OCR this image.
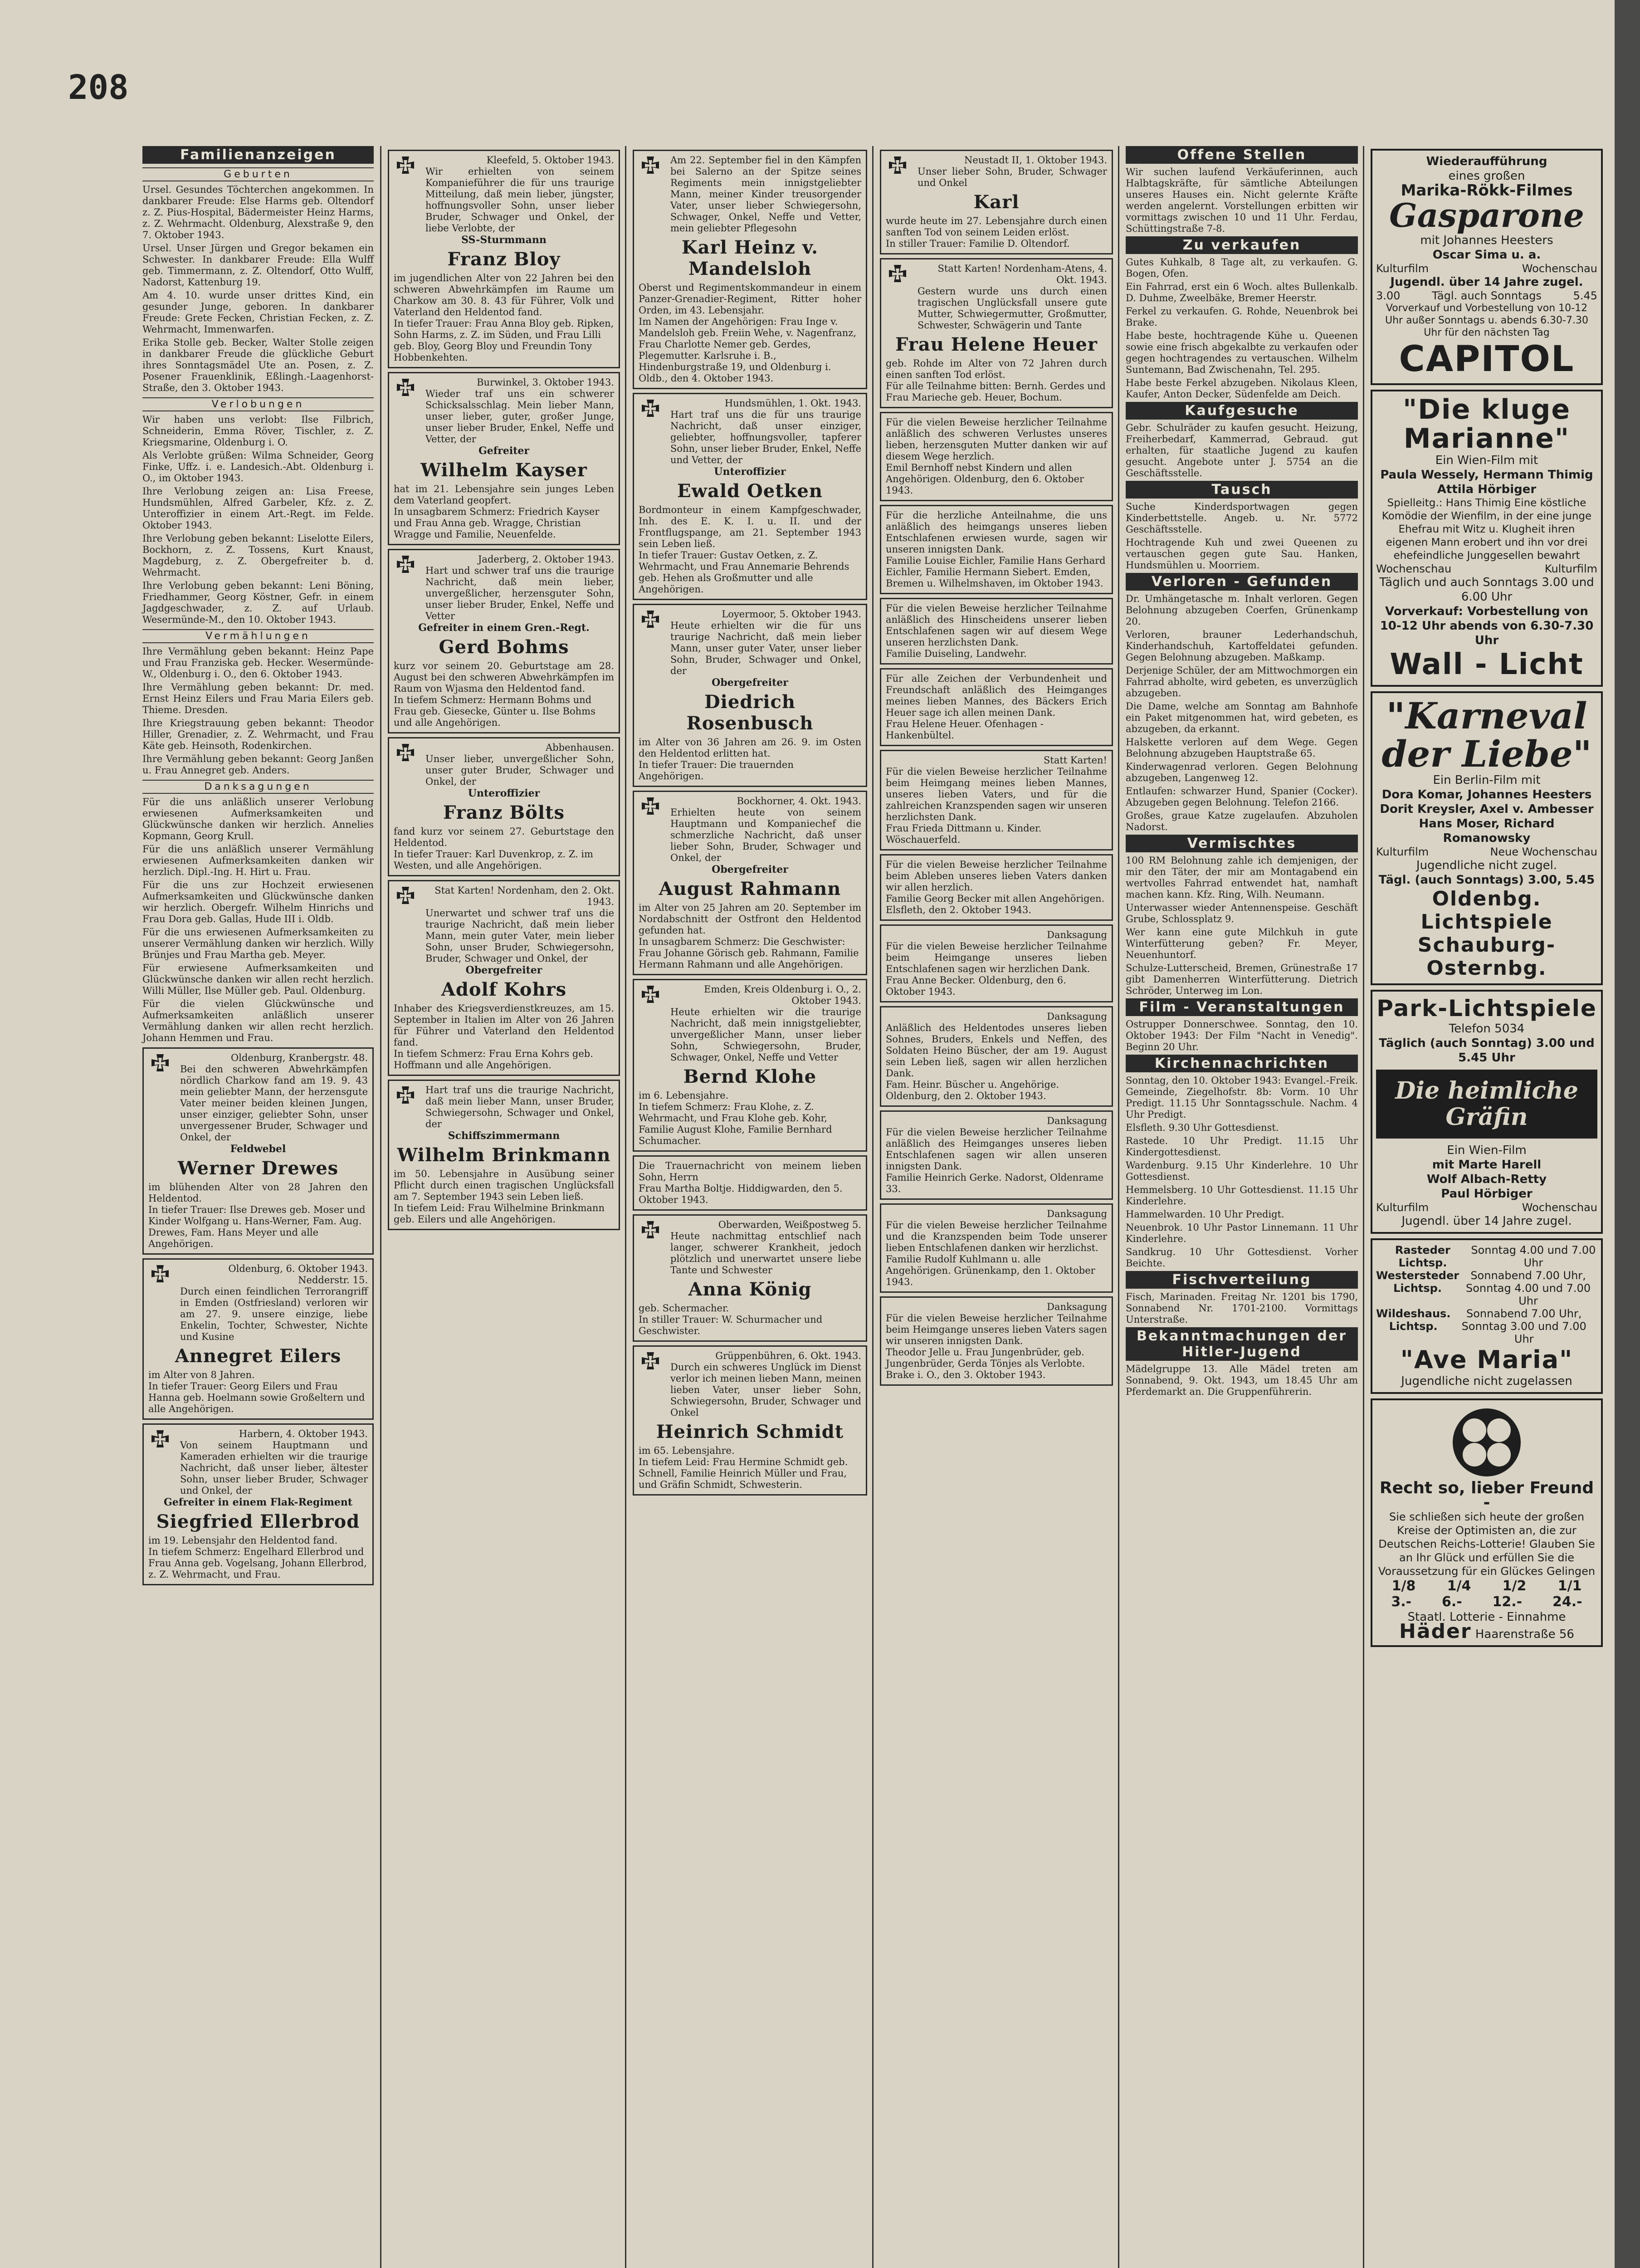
208
Familienanzeigen
Geburten

Ursel. Gesundes Töchterchen angekommen. In dankbarer Freude: Else Harms geb. Oltendorf z. Z. Pius-Hospital, Bädermeister Heinz Harms, z. Z. Wehrmacht. Oldenburg, Alexstraße 9, den 7. Oktober 1943.

Ursel. Unser Jürgen und Gregor bekamen ein Schwester. In dankbarer Freude: Ella Wulff geb. Timmermann, z. Z. Oltendorf, Otto Wulff, Nadorst, Kattenburg 19.

Am 4. 10. wurde unser drittes Kind, ein gesunder Junge, geboren. In dankbarer Freude: Grete Fecken, Christian Fecken, z. Z. Wehrmacht, Immenwarfen.

Erika Stolle geb. Becker, Walter Stolle zeigen in dankbarer Freude die glückliche Geburt ihres Sonntagsmädel Ute an. Posen, z. Z. Posener Frauenklinik, Eßlingh.-Laagenhorst-Straße, den 3. Oktober 1943.

Verlobungen

Wir haben uns verlobt: Ilse Filbrich, Schneiderin, Emma Röver, Tischler, z. Z. Kriegsmarine, Oldenburg i. O.

Als Verlobte grüßen: Wilma Schneider, Georg Finke, Uffz. i. e. Landesich.-Abt. Oldenburg i. O., im Oktober 1943.

Ihre Verlobung zeigen an: Lisa Freese, Hundsmühlen, Alfred Garbeler, Kfz. z. Z. Unteroffizier in einem Art.-Regt. im Felde. Oktober 1943.

Ihre Verlobung geben bekannt: Liselotte Eilers, Bockhorn, z. Z. Tossens, Kurt Knaust, Magdeburg, z. Z. Obergefreiter b. d. Wehrmacht.

Ihre Verlobung geben bekannt: Leni Böning, Friedhammer, Georg Köstner, Gefr. in einem Jagdgeschwader, z. Z. auf Urlaub. Wesermünde-M., den 10. Oktober 1943.

Vermählungen

Ihre Vermählung geben bekannt: Heinz Pape und Frau Franziska geb. Hecker. Wesermünde-W., Oldenburg i. O., den 6. Oktober 1943.

Ihre Vermählung geben bekannt: Dr. med. Ernst Heinz Eilers und Frau Maria Eilers geb. Thieme. Dresden.

Ihre Kriegstrauung geben bekannt: Theodor Hiller, Grenadier, z. Z. Wehrmacht, und Frau Käte geb. Heinsoth, Rodenkirchen.

Ihre Vermählung geben bekannt: Georg Janßen u. Frau Annegret geb. Anders.

Danksagungen

Für die uns anläßlich unserer Verlobung erwiesenen Aufmerksamkeiten und Glückwünsche danken wir herzlich. Annelies Kopmann, Georg Krull.

Für die uns anläßlich unserer Vermählung erwiesenen Aufmerksamkeiten danken wir herzlich. Dipl.-Ing. H. Hirt u. Frau.

Für die uns zur Hochzeit erwiesenen Aufmerksamkeiten und Glückwünsche danken wir herzlich. Obergefr. Wilhelm Hinrichs und Frau Dora geb. Gallas, Hude III i. Oldb.

Für die uns erwiesenen Aufmerksamkeiten zu unserer Vermählung danken wir herzlich. Willy Brünjes und Frau Martha geb. Meyer.

Für erwiesene Aufmerksamkeiten und Glückwünsche danken wir allen recht herzlich. Willi Müller, Ilse Müller geb. Paul. Oldenburg.

Für die vielen Glückwünsche und Aufmerksamkeiten anläßlich unserer Vermählung danken wir allen recht herzlich. Johann Hemmen und Frau.

Oldenburg, Kranbergstr. 48.
Bei den schweren Abwehrkämpfen nördlich Charkow fand am 19. 9. 43 mein geliebter Mann, der herzensgute Vater meiner beiden kleinen Jungen, unser einziger, geliebter Sohn, unser unvergessener Bruder, Schwager und Onkel, der
Feldwebel
Werner Drewes
im blühenden Alter von 28 Jahren den Heldentod.
In tiefer Trauer: Ilse Drewes geb. Moser und Kinder Wolfgang u. Hans-Werner, Fam. Aug. Drewes, Fam. Hans Meyer und alle Angehörigen.
Oldenburg, 6. Oktober 1943. Nedderstr. 15.
Durch einen feindlichen Terrorangriff in Emden (Ostfriesland) verloren wir am 27. 9. unsere einzige, liebe Enkelin, Tochter, Schwester, Nichte und Kusine
Annegret Eilers
im Alter von 8 Jahren.
In tiefer Trauer: Georg Eilers und Frau Hanna geb. Hoelmann sowie Großeltern und alle Angehörigen.
Harbern, 4. Oktober 1943.
Von seinem Hauptmann und Kameraden erhielten wir die traurige Nachricht, daß unser lieber, ältester Sohn, unser lieber Bruder, Schwager und Onkel, der
Gefreiter in einem Flak-Regiment
Siegfried Ellerbrod
im 19. Lebensjahr den Heldentod fand.
In tiefem Schmerz: Engelhard Ellerbrod und Frau Anna geb. Vogelsang, Johann Ellerbrod, z. Z. Wehrmacht, und Frau.
Kleefeld, 5. Oktober 1943.
Wir erhielten von seinem Kompanieführer die für uns traurige Mitteilung, daß mein lieber, jüngster, hoffnungsvoller Sohn, unser lieber Bruder, Schwager und Onkel, der liebe Verlobte, der
SS-Sturmmann
Franz Bloy
im jugendlichen Alter von 22 Jahren bei den schweren Abwehrkämpfen im Raume um Charkow am 30. 8. 43 für Führer, Volk und Vaterland den Heldentod fand.
In tiefer Trauer: Frau Anna Bloy geb. Ripken, Sohn Harms, z. Z. im Süden, und Frau Lilli geb. Bloy, Georg Bloy und Freundin Tony Hobbenkehten.
Burwinkel, 3. Oktober 1943.
Wieder traf uns ein schwerer Schicksalsschlag. Mein lieber Mann, unser lieber, guter, großer Junge, unser lieber Bruder, Enkel, Neffe und Vetter, der
Gefreiter
Wilhelm Kayser
hat im 21. Lebensjahre sein junges Leben dem Vaterland geopfert.
In unsagbarem Schmerz: Friedrich Kayser und Frau Anna geb. Wragge, Christian Wragge und Familie, Neuenfelde.
Jaderberg, 2. Oktober 1943.
Hart und schwer traf uns die traurige Nachricht, daß mein lieber, unvergeßlicher, herzensguter Sohn, unser lieber Bruder, Enkel, Neffe und Vetter
Gefreiter in einem Gren.-Regt.
Gerd Bohms
kurz vor seinem 20. Geburtstage am 28. August bei den schweren Abwehrkämpfen im Raum von Wjasma den Heldentod fand.
In tiefem Schmerz: Hermann Bohms und Frau geb. Giesecke, Günter u. Ilse Bohms und alle Angehörigen.
Abbenhausen.
Unser lieber, unvergeßlicher Sohn, unser guter Bruder, Schwager und Onkel, der
Unteroffizier
Franz Bölts
fand kurz vor seinem 27. Geburtstage den Heldentod.
In tiefer Trauer: Karl Duvenkrop, z. Z. im Westen, und alle Angehörigen.
Stat Karten! Nordenham, den 2. Okt. 1943.
Unerwartet und schwer traf uns die traurige Nachricht, daß mein lieber Mann, mein guter Vater, mein lieber Sohn, unser Bruder, Schwiegersohn, Bruder, Schwager und Onkel, der
Obergefreiter
Adolf Kohrs
Inhaber des Kriegsverdienstkreuzes, am 15. September in Italien im Alter von 26 Jahren für Führer und Vaterland den Heldentod fand.
In tiefem Schmerz: Frau Erna Kohrs geb. Hoffmann und alle Angehörigen.
Hart traf uns die traurige Nachricht, daß mein lieber Mann, unser Bruder, Schwiegersohn, Schwager und Onkel, der
Schiffszimmermann
Wilhelm Brinkmann
im 50. Lebensjahre in Ausübung seiner Pflicht durch einen tragischen Unglücksfall am 7. September 1943 sein Leben ließ.
In tiefem Leid: Frau Wilhelmine Brinkmann geb. Eilers und alle Angehörigen.
Am 22. September fiel in den Kämpfen bei Salerno an der Spitze seines Regiments mein innigstgeliebter Mann, meiner Kinder treusorgender Vater, unser lieber Schwiegersohn, Schwager, Onkel, Neffe und Vetter, mein geliebter Pflegesohn
Karl Heinz v. Mandelsloh
Oberst und Regimentskommandeur in einem Panzer-Grenadier-Regiment, Ritter hoher Orden, im 43. Lebensjahr.
Im Namen der Angehörigen: Frau Inge v. Mandelsloh geb. Freiin Wehe, v. Nagenfranz, Frau Charlotte Nemer geb. Gerdes, Plegemutter. Karlsruhe i. B., Hindenburgstraße 19, und Oldenburg i. Oldb., den 4. Oktober 1943.
Hundsmühlen, 1. Okt. 1943.
Hart traf uns die für uns traurige Nachricht, daß unser einziger, geliebter, hoffnungsvoller, tapferer Sohn, unser lieber Bruder, Enkel, Neffe und Vetter, der
Unteroffizier
Ewald Oetken
Bordmonteur in einem Kampfgeschwader, Inh. des E. K. I. u. II. und der Frontflugspange, am 21. September 1943 sein Leben ließ.
In tiefer Trauer: Gustav Oetken, z. Z. Wehrmacht, und Frau Annemarie Behrends geb. Hehen als Großmutter und alle Angehörigen.
Loyermoor, 5. Oktober 1943.
Heute erhielten wir die für uns traurige Nachricht, daß mein lieber Mann, unser guter Vater, unser lieber Sohn, Bruder, Schwager und Onkel, der
Obergefreiter
Diedrich Rosenbusch
im Alter von 36 Jahren am 26. 9. im Osten den Heldentod erlitten hat.
In tiefer Trauer: Die trauernden Angehörigen.
Bockhorner, 4. Okt. 1943.
Erhielten heute von seinem Hauptmann und Kompaniechef die schmerzliche Nachricht, daß unser lieber Sohn, Bruder, Schwager und Onkel, der
Obergefreiter
August Rahmann
im Alter von 25 Jahren am 20. September im Nordabschnitt der Ostfront den Heldentod gefunden hat.
In unsagbarem Schmerz: Die Geschwister: Frau Johanne Görisch geb. Rahmann, Familie Hermann Rahmann und alle Angehörigen.
Emden, Kreis Oldenburg i. O., 2. Oktober 1943.
Heute erhielten wir die traurige Nachricht, daß mein innigstgeliebter, unvergeßlicher Mann, unser lieber Sohn, Schwiegersohn, Bruder, Schwager, Onkel, Neffe und Vetter
Bernd Klohe
im 6. Lebensjahre.
In tiefem Schmerz: Frau Klohe, z. Z. Wehrmacht, und Frau Klohe geb. Kohr, Familie August Klohe, Familie Bernhard Schumacher.
Die Trauernachricht von meinem lieben Sohn, Herrn
Frau Martha Boltje. Hiddigwarden, den 5. Oktober 1943.
Oberwarden, Weißpostweg 5.
Heute nachmittag entschlief nach langer, schwerer Krankheit, jedoch plötzlich und unerwartet unsere liebe Tante und Schwester
Anna König
geb. Schermacher.
In stiller Trauer: W. Schurmacher und Geschwister.
Grüppenbühren, 6. Okt. 1943.
Durch ein schweres Unglück im Dienst verlor ich meinen lieben Mann, meinen lieben Vater, unser lieber Sohn, Schwiegersohn, Bruder, Schwager und Onkel
Heinrich Schmidt
im 65. Lebensjahre.
In tiefem Leid: Frau Hermine Schmidt geb. Schnell, Familie Heinrich Müller und Frau, und Gräfin Schmidt, Schwesterin.
Neustadt II, 1. Oktober 1943.
Unser lieber Sohn, Bruder, Schwager und Onkel
Karl
wurde heute im 27. Lebensjahre durch einen sanften Tod von seinem Leiden erlöst.
In stiller Trauer: Familie D. Oltendorf.
Statt Karten! Nordenham-Atens, 4. Okt. 1943.
Gestern wurde uns durch einen tragischen Unglücksfall unsere gute Mutter, Schwiegermutter, Großmutter, Schwester, Schwägerin und Tante
Frau Helene Heuer
geb. Rohde im Alter von 72 Jahren durch einen sanften Tod erlöst.
Für alle Teilnahme bitten: Bernh. Gerdes und Frau Marieche geb. Heuer, Bochum.
Für die vielen Beweise herzlicher Teilnahme anläßlich des schweren Verlustes unseres lieben, herzensguten Mutter danken wir auf diesem Wege herzlich.
Emil Bernhoff nebst Kindern und allen Angehörigen. Oldenburg, den 6. Oktober 1943.
Für die herzliche Anteilnahme, die uns anläßlich des heimgangs unseres lieben Entschlafenen erwiesen wurde, sagen wir unseren innigsten Dank.
Familie Louise Eichler, Familie Hans Gerhard Eichler, Familie Hermann Siebert. Emden, Bremen u. Wilhelmshaven, im Oktober 1943.
Für die vielen Beweise herzlicher Teilnahme anläßlich des Hinscheidens unserer lieben Entschlafenen sagen wir auf diesem Wege unseren herzlichsten Dank.
Familie Duiseling, Landwehr.
Für alle Zeichen der Verbundenheit und Freundschaft anläßlich des Heimganges meines lieben Mannes, des Bäckers Erich Heuer sage ich allen meinen Dank.
Frau Helene Heuer. Ofenhagen - Hankenbültel.
Statt Karten!
Für die vielen Beweise herzlicher Teilnahme beim Heimgang meines lieben Mannes, unseres lieben Vaters, und für die zahlreichen Kranzspenden sagen wir unseren herzlichsten Dank.
Frau Frieda Dittmann u. Kinder. Wöschauerfeld.
Für die vielen Beweise herzlicher Teilnahme beim Ableben unseres lieben Vaters danken wir allen herzlich.
Familie Georg Becker mit allen Angehörigen. Elsfleth, den 2. Oktober 1943.
Danksagung
Für die vielen Beweise herzlicher Teilnahme beim Heimgange unseres lieben Entschlafenen sagen wir herzlichen Dank.
Frau Anne Becker. Oldenburg, den 6. Oktober 1943.
Danksagung
Anläßlich des Heldentodes unseres lieben Sohnes, Bruders, Enkels und Neffen, des Soldaten Heino Büscher, der am 19. August sein Leben ließ, sagen wir allen herzlichen Dank.
Fam. Heinr. Büscher u. Angehörige. Oldenburg, den 2. Oktober 1943.
Danksagung
Für die vielen Beweise herzlicher Teilnahme anläßlich des Heimganges unseres lieben Entschlafenen sagen wir allen unseren innigsten Dank.
Familie Heinrich Gerke. Nadorst, Oldenrame 33.
Danksagung
Für die vielen Beweise herzlicher Teilnahme und die Kranzspenden beim Tode unserer lieben Entschlafenen danken wir herzlichst.
Familie Rudolf Kuhlmann u. alle Angehörigen. Grünenkamp, den 1. Oktober 1943.
Danksagung
Für die vielen Beweise herzlicher Teilnahme beim Heimgange unseres lieben Vaters sagen wir unseren innigsten Dank.
Theodor Jelle u. Frau Jungenbrüder, geb. Jungenbrüder, Gerda Tönjes als Verlobte. Brake i. O., den 3. Oktober 1943.
Offene Stellen

Wir suchen laufend Verkäuferinnen, auch Halbtagskräfte, für sämtliche Abteilungen unseres Hauses ein. Nicht gelernte Kräfte werden angelernt. Vorstellungen erbitten wir vormittags zwischen 10 und 11 Uhr. Ferdau, Schüttingstraße 7-8.

Zu verkaufen

Gutes Kuhkalb, 8 Tage alt, zu verkaufen. G. Bogen, Ofen.

Ein Fahrrad, erst ein 6 Woch. altes Bullenkalb. D. Duhme, Zweelbäke, Bremer Heerstr.

Ferkel zu verkaufen. G. Rohde, Neuenbrok bei Brake.

Habe beste, hochtragende Kühe u. Queenen sowie eine frisch abgekalbte zu verkaufen oder gegen hochtragendes zu vertauschen. Wilhelm Suntemann, Bad Zwischenahn, Tel. 295.

Habe beste Ferkel abzugeben. Nikolaus Kleen, Kaufer, Anton Decker, Südenfelde am Deich.

Kaufgesuche

Gebr. Schulräder zu kaufen gesucht. Heizung, Freiherbedarf, Kammerrad, Gebraud. gut erhalten, für staatliche Jugend zu kaufen gesucht. Angebote unter J. 5754 an die Geschäftsstelle.

Tausch

Suche Kinderdsportwagen gegen Kinderbettstelle. Angeb. u. Nr. 5772 Geschäftsstelle.

Hochtragende Kuh und zwei Queenen zu vertauschen gegen gute Sau. Hanken, Hundsmühlen u. Moorriem.

Verloren - Gefunden

Dr. Umhängetasche m. Inhalt verloren. Gegen Belohnung abzugeben Coerfen, Grünenkamp 20.

Verloren, brauner Lederhandschuh, Kinderhandschuh, Kartoffeldatei gefunden. Gegen Belohnung abzugeben. Maßkamp.

Derjenige Schüler, der am Mittwochmorgen ein Fahrrad abholte, wird gebeten, es unverzüglich abzugeben.

Die Dame, welche am Sonntag am Bahnhofe ein Paket mitgenommen hat, wird gebeten, es abzugeben, da erkannt.

Halskette verloren auf dem Wege. Gegen Belohnung abzugeben Hauptstraße 65.

Kinderwagenrad verloren. Gegen Belohnung abzugeben, Langenweg 12.

Entlaufen: schwarzer Hund, Spanier (Cocker). Abzugeben gegen Belohnung. Telefon 2166.

Großes, graue Katze zugelaufen. Abzuholen Nadorst.

Vermischtes

100 RM Belohnung zahle ich demjenigen, der mir den Täter, der mir am Montagabend ein wertvolles Fahrrad entwendet hat, namhaft machen kann. Kfz. Ring, Wilh. Neumann.

Unterwasser wieder Antennenspeise. Geschäft Grube, Schlossplatz 9.

Wer kann eine gute Milchkuh in gute Winterfütterung geben? Fr. Meyer, Neuenhuntorf.

Schulze-Lutterscheid, Bremen, Grünestraße 17 gibt Damenherren Winterfütterung. Dietrich Schröder, Unterweg im Lon.

Film - Veranstaltungen

Ostrupper Donnerschwee. Sonntag, den 10. Oktober 1943: Der Film "Nacht in Venedig". Beginn 20 Uhr.

Kirchennachrichten

Sonntag, den 10. Oktober 1943: Evangel.-Freik. Gemeinde, Ziegelhofstr. 8b: Vorm. 10 Uhr Predigt. 11.15 Uhr Sonntagsschule. Nachm. 4 Uhr Predigt.

Elsfleth. 9.30 Uhr Gottesdienst.

Rastede. 10 Uhr Predigt. 11.15 Uhr Kindergottesdienst.

Wardenburg. 9.15 Uhr Kinderlehre. 10 Uhr Gottesdienst.

Hemmelsberg. 10 Uhr Gottesdienst. 11.15 Uhr Kinderlehre.

Hammelwarden. 10 Uhr Predigt.

Neuenbrok. 10 Uhr Pastor Linnemann. 11 Uhr Kinderlehre.

Sandkrug. 10 Uhr Gottesdienst. Vorher Beichte.

Fischverteilung

Fisch, Marinaden. Freitag Nr. 1201 bis 1790, Sonnabend Nr. 1701-2100. Vormittags Unterstraße.

Bekanntmachungen der Hitler-Jugend

Mädelgruppe 13. Alle Mädel treten am Sonnabend, 9. Okt. 1943, um 18.45 Uhr am Pferdemarkt an. Die Gruppenführerin.

Wiederaufführung
eines großen
Marika-Rökk-Filmes
Gasparone
mit Johannes Heesters
Oscar Sima u. a.
Kulturfilm	Wochenschau
Jugendl. über 14 Jahre zugel.
3.00	Tägl. auch Sonntags	5.45
Vorverkauf und Vorbestellung von 10-12 Uhr außer Sonntags u. abends 6.30-7.30 Uhr für den nächsten Tag
CAPITOL
"Die kluge
Marianne"
Ein Wien-Film mit
Paula Wessely, Hermann Thimig
Attila Hörbiger
Spielleitg.: Hans Thimig Eine köstliche Komödie der Wienfilm, in der eine junge Ehefrau mit Witz u. Klugheit ihren eigenen Mann erobert und ihn vor drei ehefeindliche Junggesellen bewahrt
Wochenschau	Kulturfilm
Täglich und auch Sonntags 3.00 und 6.00 Uhr
Vorverkauf: Vorbestellung von 10-12 Uhr abends von 6.30-7.30 Uhr
Wall - Licht
"Karneval
der Liebe"
Ein Berlin-Film mit
Dora Komar, Johannes Heesters
Dorit Kreysler, Axel v. Ambesser
Hans Moser, Richard Romanowsky
Kulturfilm	Neue Wochenschau
Jugendliche nicht zugel.
Tägl. (auch Sonntags) 3.00, 5.45
Oldenbg. Lichtspiele
Schauburg-Osternbg.
Park-Lichtspiele
Telefon 5034
Täglich (auch Sonntag) 3.00 und 5.45 Uhr
Die heimliche Gräfin
Ein Wien-Film
mit Marte Harell
Wolf Albach-Retty
Paul Hörbiger
Kulturfilm	Wochenschau
Jugendl. über 14 Jahre zugel.
Rasteder Lichtsp.
Sonntag 4.00 und 7.00 Uhr
Westersteder Lichtsp.
Sonnabend 7.00 Uhr, Sonntag 4.00 und 7.00 Uhr
Wildeshaus. Lichtsp.
Sonnabend 7.00 Uhr, Sonntag 3.00 und 7.00 Uhr
"Ave Maria"
Jugendliche nicht zugelassen
Recht so, lieber Freund -
Sie schließen sich heute der großen Kreise der Optimisten an, die zur Deutschen Reichs-Lotterie! Glauben Sie an Ihr Glück und erfüllen Sie die Voraussetzung für ein Glückes Gelingen
1/8 1/4 1/2 1/1
3.- 6.- 12.- 24.-
Staatl. Lotterie - Einnahme
Häder Haarenstraße 56
